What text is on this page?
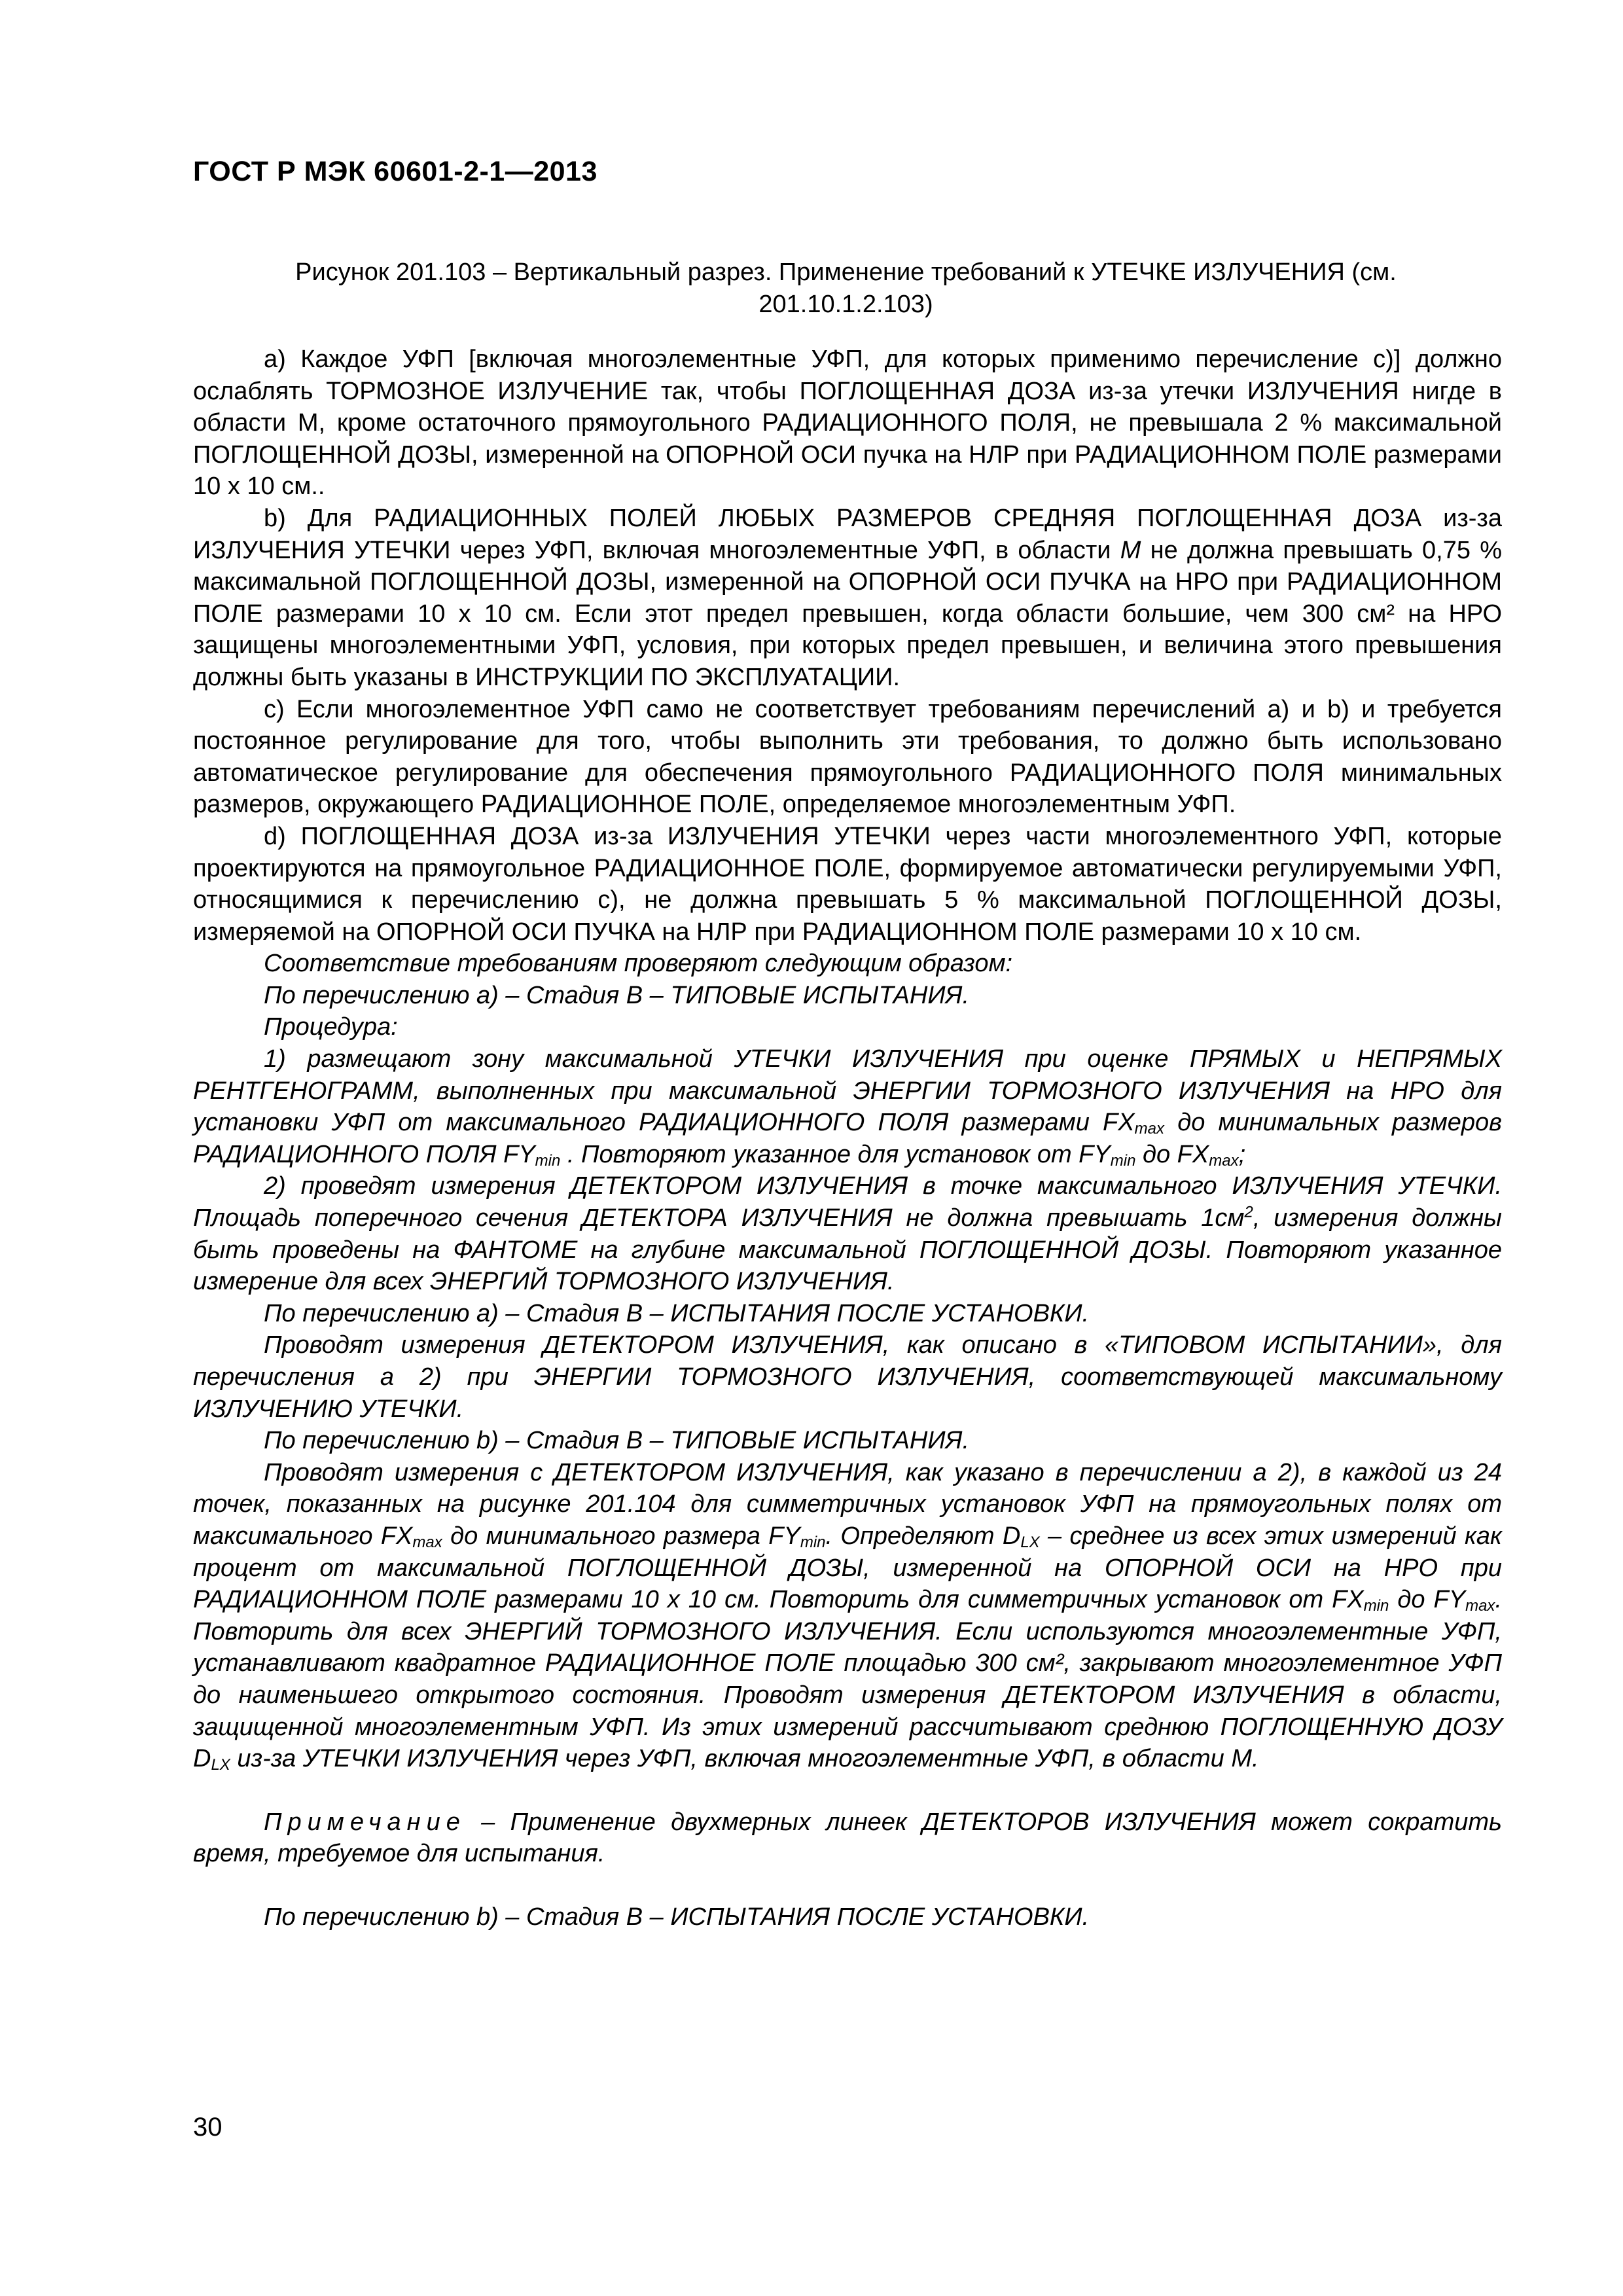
ГОСТ Р МЭК 60601-2-1—2013
Рисунок 201.103 – Вертикальный разрез. Применение требований к УТЕЧКЕ ИЗЛУЧЕНИЯ (см.
201.10.1.2.103)

а) Каждое УФП [включая многоэлементные УФП, для которых применимо перечисление с)] должно ослаблять ТОРМОЗНОЕ ИЗЛУЧЕНИЕ так, чтобы ПОГЛОЩЕННАЯ ДОЗА из-за утечки ИЗЛУЧЕНИЯ нигде в области М, кроме остаточного прямоугольного РАДИАЦИОННОГО ПОЛЯ, не превышала 2 % максимальной ПОГЛОЩЕННОЙ ДОЗЫ, измеренной на ОПОРНОЙ ОСИ пучка на НЛР при РАДИАЦИОННОМ ПОЛЕ размерами 10 х 10 см..

b) Для РАДИАЦИОННЫХ ПОЛЕЙ ЛЮБЫХ РАЗМЕРОВ СРЕДНЯЯ ПОГЛОЩЕННАЯ ДОЗА из-за ИЗЛУЧЕНИЯ УТЕЧКИ через УФП, включая многоэлементные УФП, в области М не должна превышать 0,75 % максимальной ПОГЛОЩЕННОЙ ДОЗЫ, измеренной на ОПОРНОЙ ОСИ ПУЧКА на НРО при РАДИАЦИОННОМ ПОЛЕ размерами 10 х 10 см. Если этот предел превышен, когда области большие, чем 300 см² на НРО защищены многоэлементными УФП, условия, при которых предел превышен, и величина этого превышения должны быть указаны в ИНСТРУКЦИИ ПО ЭКСПЛУАТАЦИИ.

с) Если многоэлементное УФП само не соответствует требованиям перечислений а) и b) и требуется постоянное регулирование для того, чтобы выполнить эти требования, то должно быть использовано автоматическое регулирование для обеспечения прямоугольного РАДИАЦИОННОГО ПОЛЯ минимальных размеров, окружающего РАДИАЦИОННОЕ ПОЛЕ, определяемое многоэлементным УФП.

d) ПОГЛОЩЕННАЯ ДОЗА из-за ИЗЛУЧЕНИЯ УТЕЧКИ через части многоэлементного УФП, которые проектируются на прямоугольное РАДИАЦИОННОЕ ПОЛЕ, формируемое автоматически регулируемыми УФП, относящимися к перечислению с), не должна превышать 5 % максимальной ПОГЛОЩЕННОЙ ДОЗЫ, измеряемой на ОПОРНОЙ ОСИ ПУЧКА на НЛР при РАДИАЦИОННОМ ПОЛЕ размерами 10 х 10 см.

Соответствие требованиям проверяют следующим образом:

По перечислению а) – Стадия В – ТИПОВЫЕ ИСПЫТАНИЯ.

Процедура:

1) размещают зону максимальной УТЕЧКИ ИЗЛУЧЕНИЯ при оценке ПРЯМЫХ и НЕПРЯМЫХ РЕНТГЕНОГРАММ, выполненных при максимальной ЭНЕРГИИ ТОРМОЗНОГО ИЗЛУЧЕНИЯ на НРО для установки УФП от максимального РАДИАЦИОННОГО ПОЛЯ размерами $FX_{max}$ до минимальных размеров РАДИАЦИОННОГО ПОЛЯ $FY_{min}$ . Повторяют указанное для установок от $FY_{min}$ до $FX_{max}$;

2) проведят измерения ДЕТЕКТОРОМ ИЗЛУЧЕНИЯ в точке максимального ИЗЛУЧЕНИЯ УТЕЧКИ. Площадь поперечного сечения ДЕТЕКТОРА ИЗЛУЧЕНИЯ не должна превышать $1см^2$, измерения должны быть проведены на ФАНТОМЕ на глубине максимальной ПОГЛОЩЕННОЙ ДОЗЫ. Повторяют указанное измерение для всех ЭНЕРГИЙ ТОРМОЗНОГО ИЗЛУЧЕНИЯ.

По перечислению а) – Стадия В – ИСПЫТАНИЯ ПОСЛЕ УСТАНОВКИ.

Проводят измерения ДЕТЕКТОРОМ ИЗЛУЧЕНИЯ, как описано в «ТИПОВОМ ИСПЫТАНИИ», для перечисления а 2) при ЭНЕРГИИ ТОРМОЗНОГО ИЗЛУЧЕНИЯ, соответствующей максимальному ИЗЛУЧЕНИЮ УТЕЧКИ.

По перечислению b) – Стадия В – ТИПОВЫЕ ИСПЫТАНИЯ.

Проводят измерения с ДЕТЕКТОРОМ ИЗЛУЧЕНИЯ, как указано в перечислении а 2), в каждой из 24 точек, показанных на рисунке 201.104 для симметричных установок УФП на прямоугольных полях от максимального $FX_{max}$ до минимального размера $FY_{min}$. Определяют $D_{LX}$ – среднее из всех этих измерений как процент от максимальной ПОГЛОЩЕННОЙ ДОЗЫ, измеренной на ОПОРНОЙ ОСИ на НРО при РАДИАЦИОННОМ ПОЛЕ размерами 10 х 10 см. Повторить для симметричных установок от $FX_{min}$ до $FY_{max}$. Повторить для всех ЭНЕРГИЙ ТОРМОЗНОГО ИЗЛУЧЕНИЯ. Если используются многоэлементные УФП, устанавливают квадратное РАДИАЦИОННОЕ ПОЛЕ площадью 300 см², закрывают многоэлементное УФП до наименьшего открытого состояния. Проводят измерения ДЕТЕКТОРОМ ИЗЛУЧЕНИЯ в области, защищенной многоэлементным УФП. Из этих измерений рассчитывают среднюю ПОГЛОЩЕННУЮ ДОЗУ $D_{LX}$ из-за УТЕЧКИ ИЗЛУЧЕНИЯ через УФП, включая многоэлементные УФП, в области М.

Примечание – Применение двухмерных линеек ДЕТЕКТОРОВ ИЗЛУЧЕНИЯ может сократить время, требуемое для испытания.

По перечислению b) – Стадия В – ИСПЫТАНИЯ ПОСЛЕ УСТАНОВКИ.

30
